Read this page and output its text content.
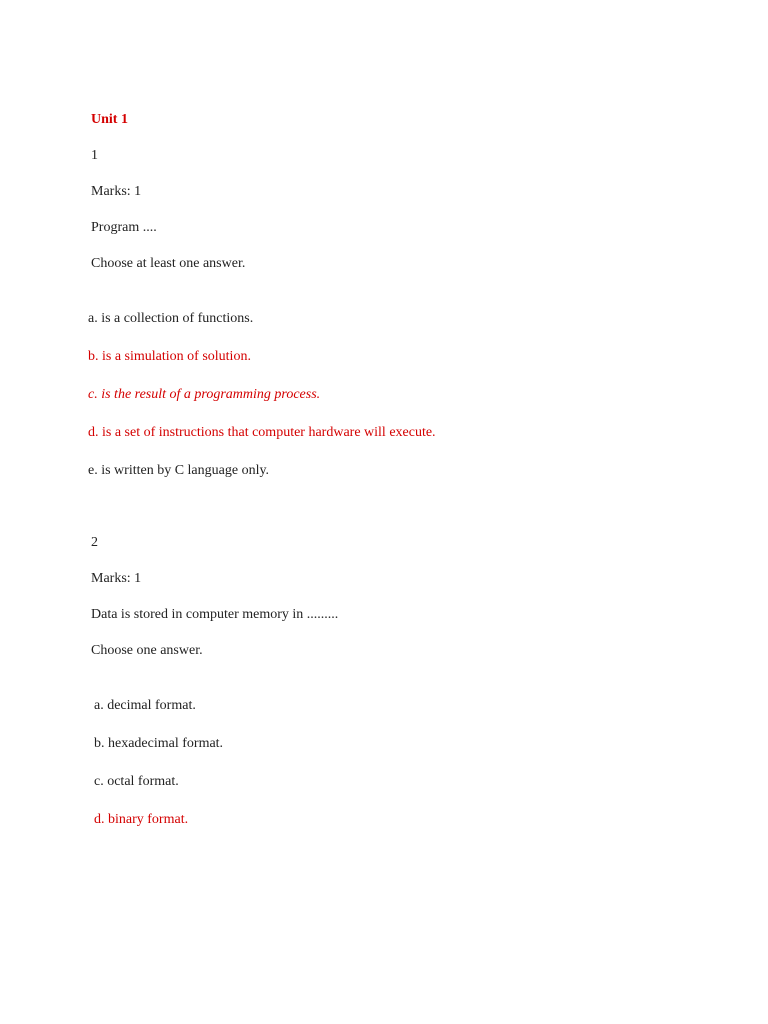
Unit 1
1
Marks: 1
Program ....
Choose at least one answer.
a. is a collection of functions.
b. is a simulation of solution.
c. is the result of a programming process.
d. is a set of instructions that computer hardware will execute.
e. is written by C language only.
2
Marks: 1
Data is stored in computer memory in .........
Choose one answer.
a. decimal format.
b. hexadecimal format.
c. octal format.
d. binary format.
